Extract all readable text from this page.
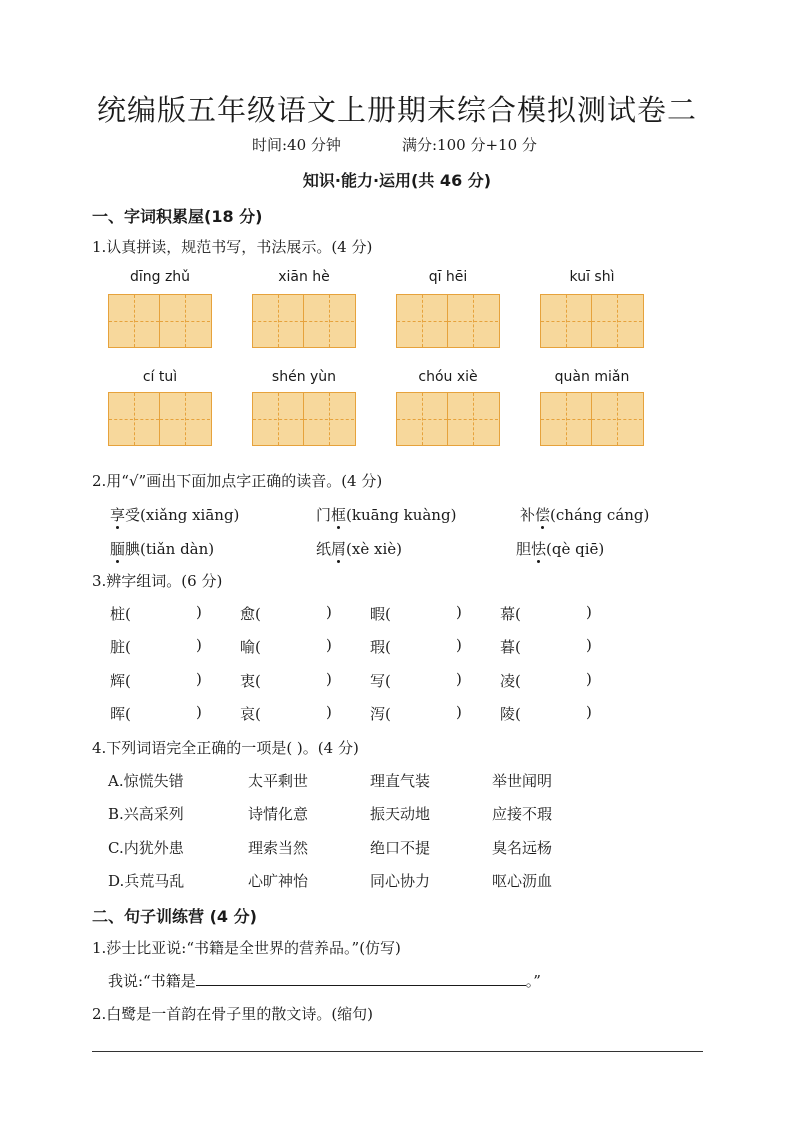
统编版五年级语文上册期末综合模拟测试卷二
时间:40 分钟	满分:100 分+10 分
知识·能力·运用(共 46 分)
一、字词积累屋(18 分)
1.认真拼读，规范书写，书法展示。(4 分)
dīng zhǔ	xiān hè	qī hēi	kuī shì
cí tuì	shén yùn	chóu xiè	quàn miǎn
2.用“√”画出下面加点字正确的读音。(4 分)
享受(xiǎng xiāng)	门框(kuāng kuàng)	补偿(cháng cáng)
腼腆(tiǎn dàn)	纸屑(xè xiè)	胆怯(qè qiē)
3.辨字组词。(6 分)
桩(	)	愈(	)	暇(	)	幕(	)
脏(	)	喻(	)	瑕(	)	暮(	)
辉(	)	衷(	)	写(	)	凌(	)
晖(	)	哀(	)	泻(	)	陵(	)
4.下列词语完全正确的一项是( )。(4 分)
A.惊慌失错	太平剩世	理直气装	举世闻明
B.兴高采列	诗情化意	振天动地	应接不瑕
C.内犹外患	理索当然	绝口不提	臭名远杨
D.兵荒马乱	心旷神怡	同心协力	呕心沥血
二、句子训练营 (4 分)
1.莎士比亚说:“书籍是全世界的营养品。”(仿写)
我说:“书籍是	。”
2.白鹭是一首韵在骨子里的散文诗。(缩句)
